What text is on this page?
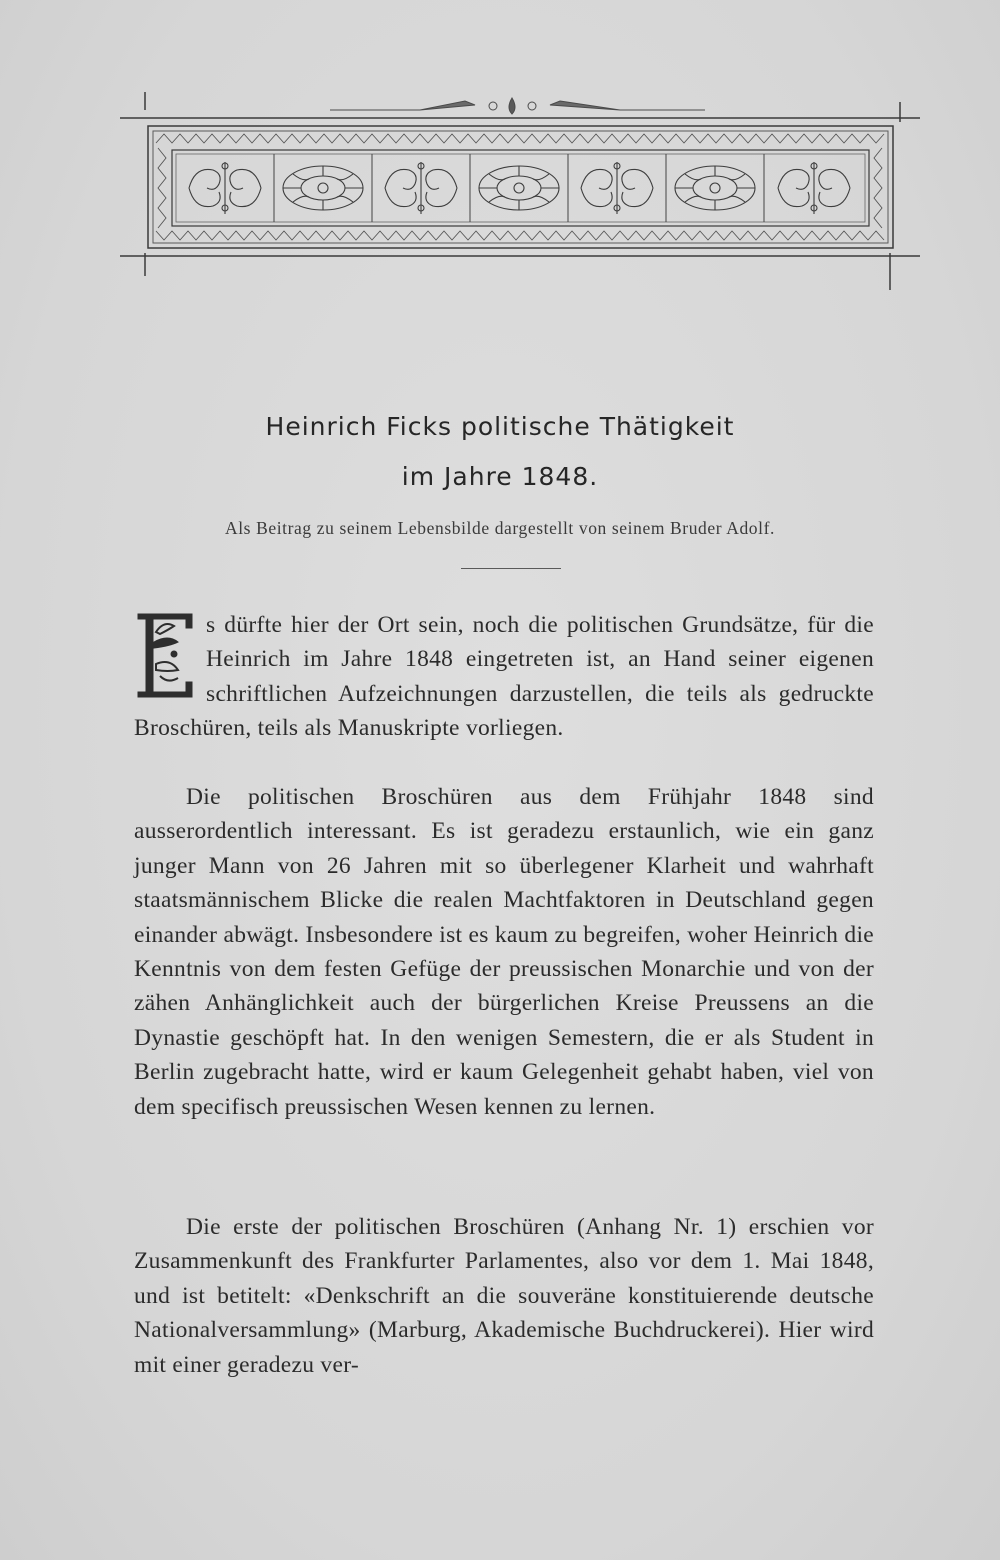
Heinrich Ficks politische Thätigkeit
im Jahre 1848.
Als Beitrag zu seinem Lebensbilde dargestellt von seinem Bruder Adolf.
s dürfte hier der Ort sein, noch die politischen Grundsätze, für die Heinrich im Jahre 1848 eingetreten ist, an Hand seiner eigenen schriftlichen Aufzeichnungen darzustellen, die teils als gedruckte Broschüren, teils als Manuskripte vorliegen.
Die politischen Broschüren aus dem Frühjahr 1848 sind ausserordentlich interessant. Es ist geradezu erstaunlich, wie ein ganz junger Mann von 26 Jahren mit so überlegener Klarheit und wahrhaft staatsmännischem Blicke die realen Machtfaktoren in Deutschland gegen einander abwägt. Insbesondere ist es kaum zu begreifen, woher Heinrich die Kenntnis von dem festen Gefüge der preussischen Monarchie und von der zähen Anhänglichkeit auch der bürgerlichen Kreise Preussens an die Dynastie geschöpft hat. In den wenigen Semestern, die er als Student in Berlin zugebracht hatte, wird er kaum Gelegenheit gehabt haben, viel von dem specifisch preussischen Wesen kennen zu lernen.
Die erste der politischen Broschüren (Anhang Nr. 1) erschien vor Zusammenkunft des Frankfurter Parlamentes, also vor dem 1. Mai 1848, und ist betitelt: «Denkschrift an die souveräne konstituierende deutsche Nationalversammlung» (Marburg, Akademische Buchdruckerei). Hier wird mit einer geradezu ver-
